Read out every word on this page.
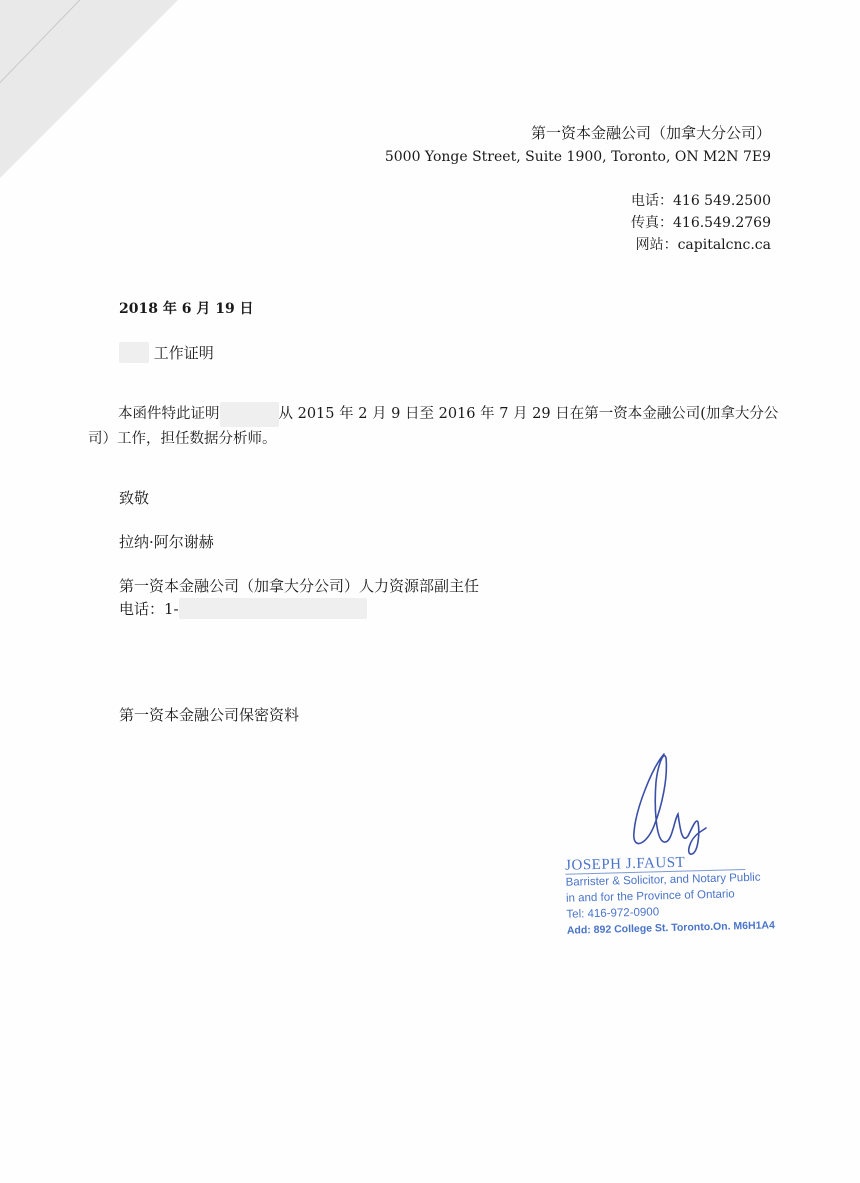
第一资本金融公司（加拿大分公司）
5000 Yonge Street, Suite 1900, Toronto, ON M2N 7E9
电话：416 549.2500
传真：416.549.2769
网站：capitalcnc.ca
2018 年 6 月 19 日
工作证明
本函件特此证明	从 2015 年 2 月 9 日至 2016 年 7 月 29 日在第一资本金融公司(加拿大分公司）工作，担任数据分析师。
致敬
拉纳·阿尔谢赫
第一资本金融公司（加拿大分公司）人力资源部副主任
电话：1-
第一资本金融公司保密资料
JOSEPH J.FAUST
Barrister & Solicitor, and Notary Public
in and for the Province of Ontario
Tel: 416-972-0900
Add: 892 College St. Toronto.On. M6H1A4
